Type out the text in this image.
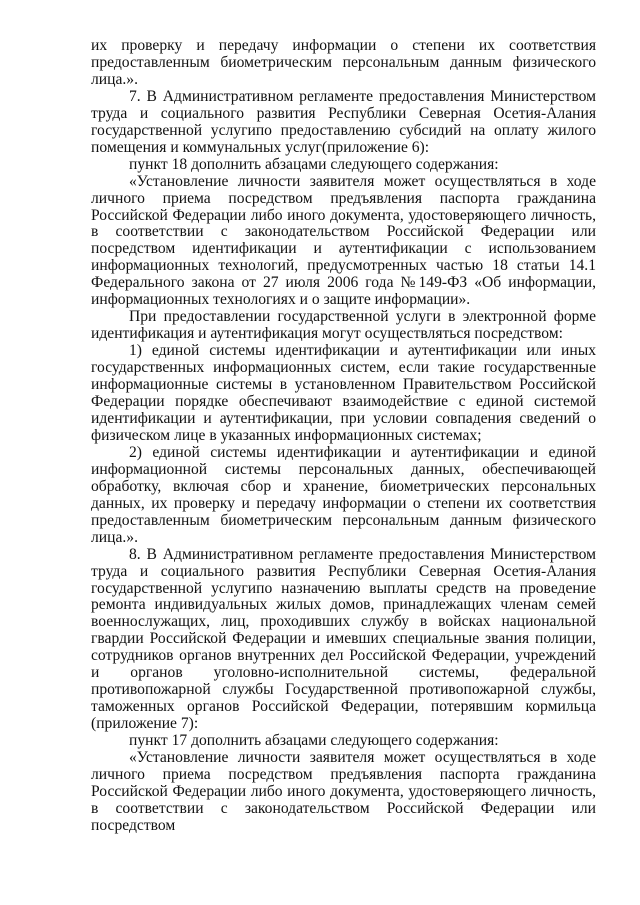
их проверку и передачу информации о степени их соответствия предоставленным биометрическим персональным данным физического лица.».

7. В Административном регламенте предоставления Министерством труда и социального развития Республики Северная Осетия-Алания государственной услугипо предоставлению субсидий на оплату жилого помещения и коммунальных услуг(приложение 6):

пункт 18 дополнить абзацами следующего содержания:

«Установление личности заявителя может осуществляться в ходе личного приема посредством предъявления паспорта гражданина Российской Федерации либо иного документа, удостоверяющего личность, в соответствии с законодательством Российской Федерации или посредством идентификации и аутентификации с использованием информационных технологий, предусмотренных частью 18 статьи 14.1 Федерального закона от 27 июля 2006 года №149-ФЗ «Об информации, информационных технологиях и о защите информации».

При предоставлении государственной услуги в электронной форме идентификация и аутентификация могут осуществляться посредством:

1) единой системы идентификации и аутентификации или иных государственных информационных систем, если такие государственные информационные системы в установленном Правительством Российской Федерации порядке обеспечивают взаимодействие с единой системой идентификации и аутентификации, при условии совпадения сведений о физическом лице в указанных информационных системах;

2) единой системы идентификации и аутентификации и единой информационной системы персональных данных, обеспечивающей обработку, включая сбор и хранение, биометрических персональных данных, их проверку и передачу информации о степени их соответствия предоставленным биометрическим персональным данным физического лица.».

8. В Административном регламенте предоставления Министерством труда и социального развития Республики Северная Осетия-Алания государственной услугипо назначению выплаты средств на проведение ремонта индивидуальных жилых домов, принадлежащих членам семей военнослужащих, лиц, проходивших службу в войсках национальной гвардии Российской Федерации и имевших специальные звания полиции, сотрудников органов внутренних дел Российской Федерации, учреждений и органов уголовно-исполнительной системы, федеральной противопожарной службы Государственной противопожарной службы, таможенных органов Российской Федерации, потерявшим кормильца (приложение 7):

пункт 17 дополнить абзацами следующего содержания:

«Установление личности заявителя может осуществляться в ходе личного приема посредством предъявления паспорта гражданина Российской Федерации либо иного документа, удостоверяющего личность, в соответствии с законодательством Российской Федерации или посредством
